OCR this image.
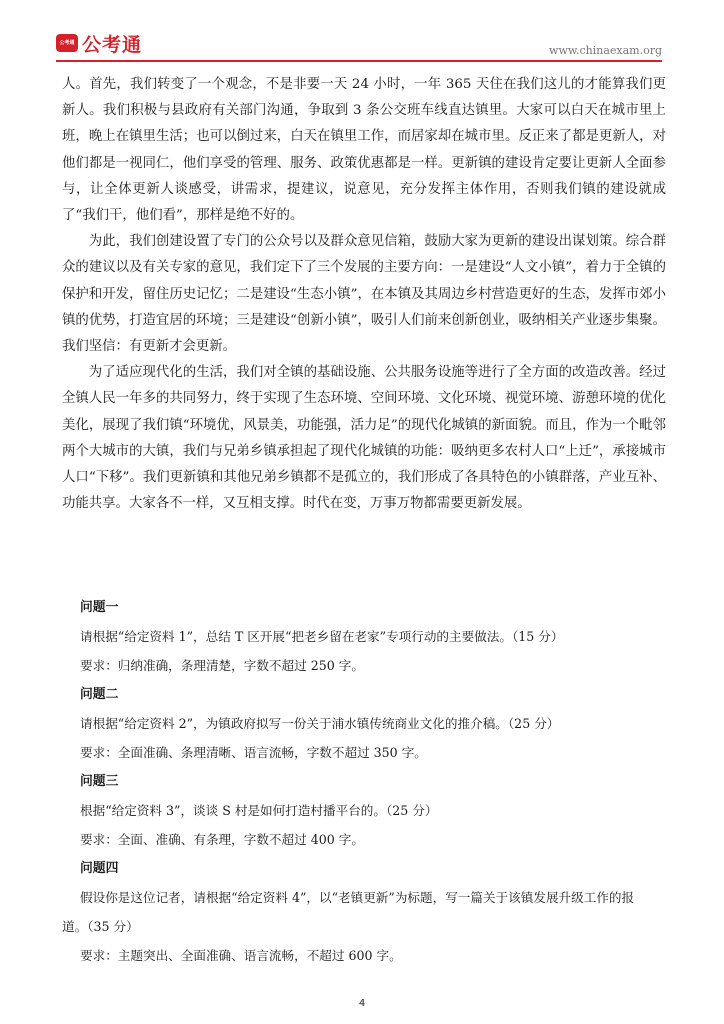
公考通 公考通	www.chinaexam.org

人。首先，我们转变了一个观念，不是非要一天 24 小时，一年 365 天住在我们这儿的才能算我们更新人。我们积极与县政府有关部门沟通，争取到 3 条公交班车线直达镇里。大家可以白天在城市里上班，晚上在镇里生活；也可以倒过来，白天在镇里工作，而居家却在城市里。反正来了都是更新人，对他们都是一视同仁，他们享受的管理、服务、政策优惠都是一样。更新镇的建设肯定要让更新人全面参与，让全体更新人谈感受，讲需求，提建议，说意见，充分发挥主体作用，否则我们镇的建设就成了“我们干，他们看”，那样是绝不好的。

为此，我们创建设置了专门的公众号以及群众意见信箱，鼓励大家为更新的建设出谋划策。综合群众的建议以及有关专家的意见，我们定下了三个发展的主要方向：一是建设“人文小镇”，着力于全镇的保护和开发，留住历史记忆；二是建设“生态小镇”，在本镇及其周边乡村营造更好的生态，发挥市郊小镇的优势，打造宜居的环境；三是建设“创新小镇”，吸引人们前来创新创业，吸纳相关产业逐步集聚。我们坚信：有更新才会更新。

为了适应现代化的生活，我们对全镇的基础设施、公共服务设施等进行了全方面的改造改善。经过全镇人民一年多的共同努力，终于实现了生态环境、空间环境、文化环境、视觉环境、游憩环境的优化美化，展现了我们镇“环境优，风景美，功能强，活力足”的现代化城镇的新面貌。而且，作为一个毗邻两个大城市的大镇，我们与兄弟乡镇承担起了现代化城镇的功能：吸纳更多农村人口“上迁”，承接城市人口“下移”。我们更新镇和其他兄弟乡镇都不是孤立的，我们形成了各具特色的小镇群落，产业互补、功能共享。大家各不一样，又互相支撑。时代在变，万事万物都需要更新发展。

问题一

请根据“给定资料 1”，总结 T 区开展“把老乡留在老家”专项行动的主要做法。（15 分）

要求：归纳准确，条理清楚，字数不超过 250 字。

问题二

请根据“给定资料 2”，为镇政府拟写一份关于浦水镇传统商业文化的推介稿。（25 分）

要求：全面准确、条理清晰、语言流畅，字数不超过 350 字。

问题三

根据“给定资料 3”，谈谈 S 村是如何打造村播平台的。（25 分）

要求：全面、准确、有条理，字数不超过 400 字。

问题四

假设你是这位记者，请根据“给定资料 4”，以“老镇更新”为标题，写一篇关于该镇发展升级工作的报

道。（35 分）

要求：主题突出、全面准确、语言流畅，不超过 600 字。

4
